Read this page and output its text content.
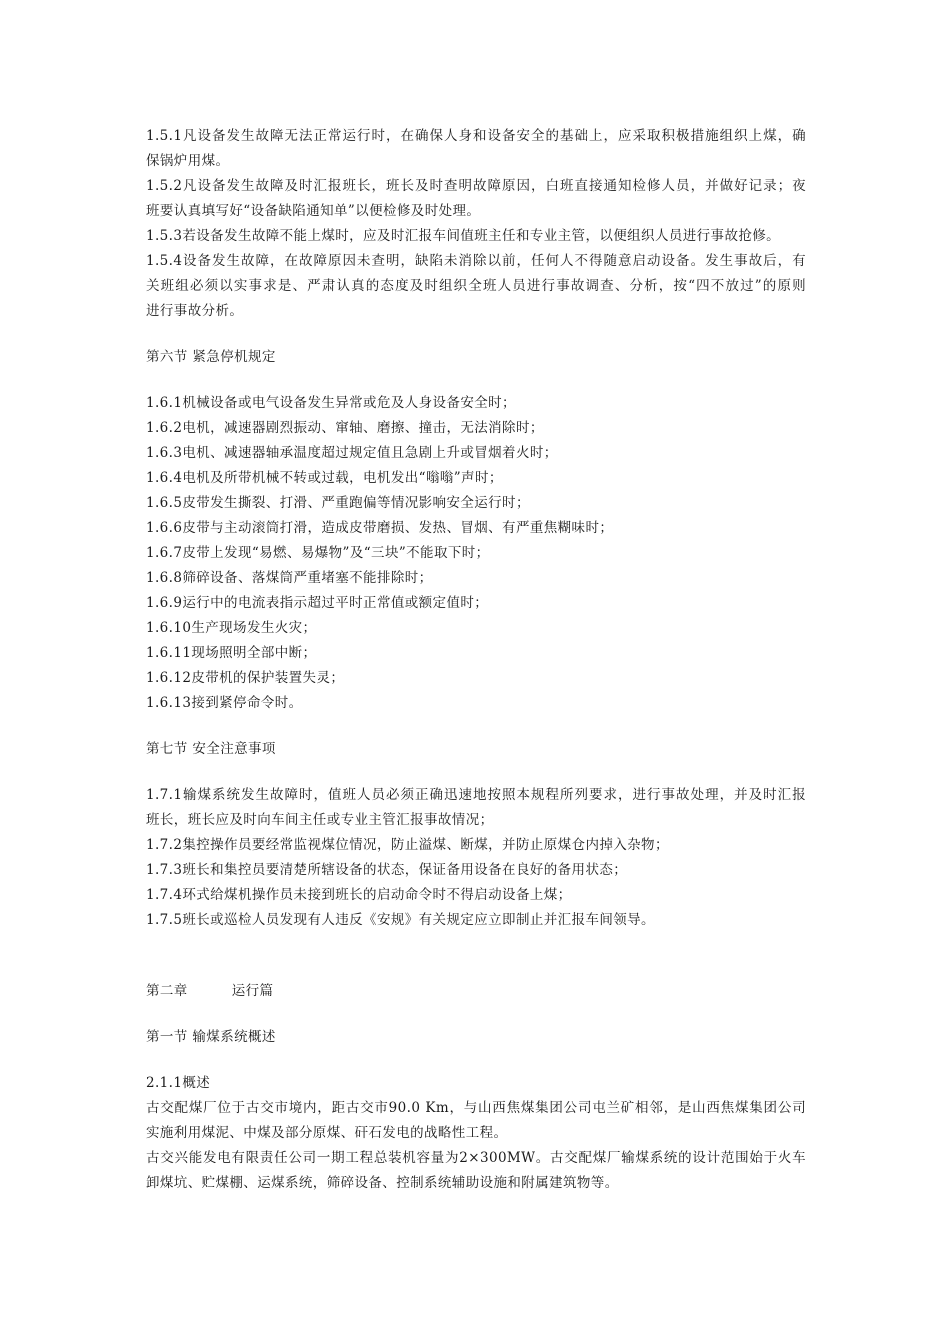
1.5.1凡设备发生故障无法正常运行时，在确保人身和设备安全的基础上，应采取积极措施组织上煤，确
保锅炉用煤。
1.5.2凡设备发生故障及时汇报班长，班长及时查明故障原因，白班直接通知检修人员，并做好记录；夜
班要认真填写好“设备缺陷通知单”以便检修及时处理。
1.5.3若设备发生故障不能上煤时，应及时汇报车间值班主任和专业主管，以便组织人员进行事故抢修。
1.5.4设备发生故障，在故障原因未查明，缺陷未消除以前，任何人不得随意启动设备。发生事故后，有
关班组必须以实事求是、严肃认真的态度及时组织全班人员进行事故调查、分析，按“四不放过”的原则
进行事故分析。
第六节 紧急停机规定
1.6.1机械设备或电气设备发生异常或危及人身设备安全时；
1.6.2电机，减速器剧烈振动、窜轴、磨擦、撞击，无法消除时；
1.6.3电机、减速器轴承温度超过规定值且急剧上升或冒烟着火时；
1.6.4电机及所带机械不转或过载，电机发出“嗡嗡”声时；
1.6.5皮带发生撕裂、打滑、严重跑偏等情况影响安全运行时；
1.6.6皮带与主动滚筒打滑，造成皮带磨损、发热、冒烟、有严重焦糊味时；
1.6.7皮带上发现“易燃、易爆物”及“三块”不能取下时；
1.6.8筛碎设备、落煤筒严重堵塞不能排除时；
1.6.9运行中的电流表指示超过平时正常值或额定值时；
1.6.10生产现场发生火灾；
1.6.11现场照明全部中断；
1.6.12皮带机的保护装置失灵；
1.6.13接到紧停命令时。
第七节 安全注意事项
1.7.1输煤系统发生故障时，值班人员必须正确迅速地按照本规程所列要求，进行事故处理，并及时汇报
班长，班长应及时向车间主任或专业主管汇报事故情况；
1.7.2集控操作员要经常监视煤位情况，防止溢煤、断煤，并防止原煤仓内掉入杂物；
1.7.3班长和集控员要清楚所辖设备的状态，保证备用设备在良好的备用状态；
1.7.4环式给煤机操作员未接到班长的启动命令时不得启动设备上煤；
1.7.5班长或巡检人员发现有人违反《安规》有关规定应立即制止并汇报车间领导。
第二章	运行篇
第一节 输煤系统概述
2.1.1概述
古交配煤厂位于古交市境内，距古交市90.0 Km，与山西焦煤集团公司屯兰矿相邻，是山西焦煤集团公司
实施利用煤泥、中煤及部分原煤、矸石发电的战略性工程。
古交兴能发电有限责任公司一期工程总装机容量为2×300MW。古交配煤厂输煤系统的设计范围始于火车
卸煤坑、贮煤棚、运煤系统，筛碎设备、控制系统辅助设施和附属建筑物等。
